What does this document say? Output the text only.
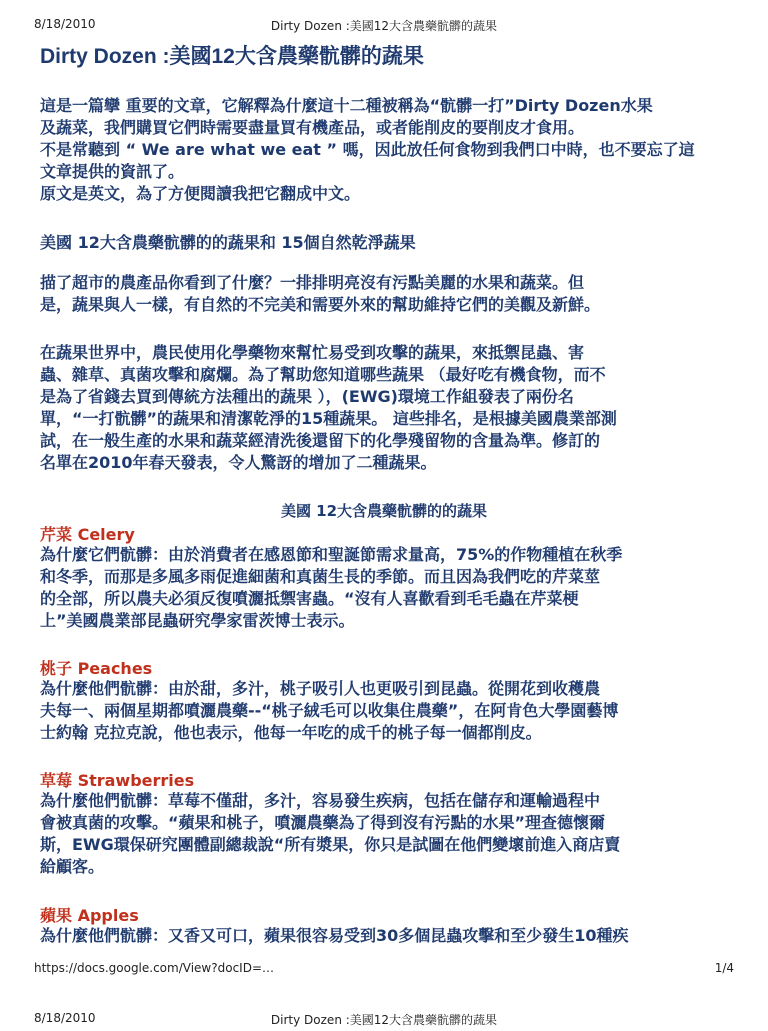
8/18/2010	Dirty Dozen :美國12大含農藥骯髒的蔬果
Dirty Dozen :美國12大含農藥骯髒的蔬果
這是一篇攣 重要的文章，它解釋為什麼這十二種被稱為“骯髒一打”Dirty Dozen水果
及蔬菜，我們購買它們時需要盡量買有機產品，或者能削皮的要削皮才食用。
不是常聽到 “ We are what we eat ” 嗎，因此放任何食物到我們口中時，也不要忘了這
文章提供的資訊了。
原文是英文，為了方便閱讀我把它翻成中文。
美國 12大含農藥骯髒的的蔬果和 15個自然乾淨蔬果
描了超市的農產品你看到了什麼？一排排明亮沒有污點美麗的水果和蔬菜。但
是，蔬果與人一樣，有自然的不完美和需要外來的幫助維持它們的美觀及新鮮。
在蔬果世界中，農民使用化學藥物來幫忙易受到攻擊的蔬果，來抵禦昆蟲、害
蟲、雜草、真菌攻擊和腐爛。為了幫助您知道哪些蔬果 （最好吃有機食物，而不
是為了省錢去買到傳統方法種出的蔬果 ），(EWG)環境工作組發表了兩份名
單，“一打骯髒”的蔬果和清潔乾淨的15種蔬果。 這些排名，是根據美國農業部測
試，在一般生產的水果和蔬菜經清洗後還留下的化學殘留物的含量為準。修訂的
名單在2010年春天發表，令人驚訝的增加了二種蔬果。
美國 12大含農藥骯髒的的蔬果
芹菜 Celery
為什麼它們骯髒：由於消費者在感恩節和聖誕節需求量高，75%的作物種植在秋季
和冬季，而那是多風多雨促進細菌和真菌生長的季節。而且因為我們吃的芹菜莖
的全部，所以農夫必須反復噴灑抵禦害蟲。“沒有人喜歡看到毛毛蟲在芹菜梗
上”美國農業部昆蟲研究學家雷茨博士表示。
桃子 Peaches
為什麼他們骯髒：由於甜，多汁，桃子吸引人也更吸引到昆蟲。從開花到收穫農
夫每一、兩個星期都噴灑農藥--“桃子絨毛可以收集住農藥”，在阿肯色大學園藝博
士約翰 克拉克說，他也表示，他每一年吃的成千的桃子每一個都削皮。
草莓 Strawberries
為什麼他們骯髒：草莓不僅甜，多汁，容易發生疾病，包括在儲存和運輸過程中
會被真菌的攻擊。“蘋果和桃子，噴灑農藥為了得到沒有污點的水果”理查德懷爾
斯，EWG環保研究團體副總裁說“所有漿果，你只是試圖在他們變壞前進入商店賣
給顧客。
蘋果 Apples
為什麼他們骯髒：又香又可口，蘋果很容易受到30多個昆蟲攻擊和至少發生10種疾
https://docs.google.com/View?docID=…	1/4
8/18/2010	Dirty Dozen :美國12大含農藥骯髒的蔬果
